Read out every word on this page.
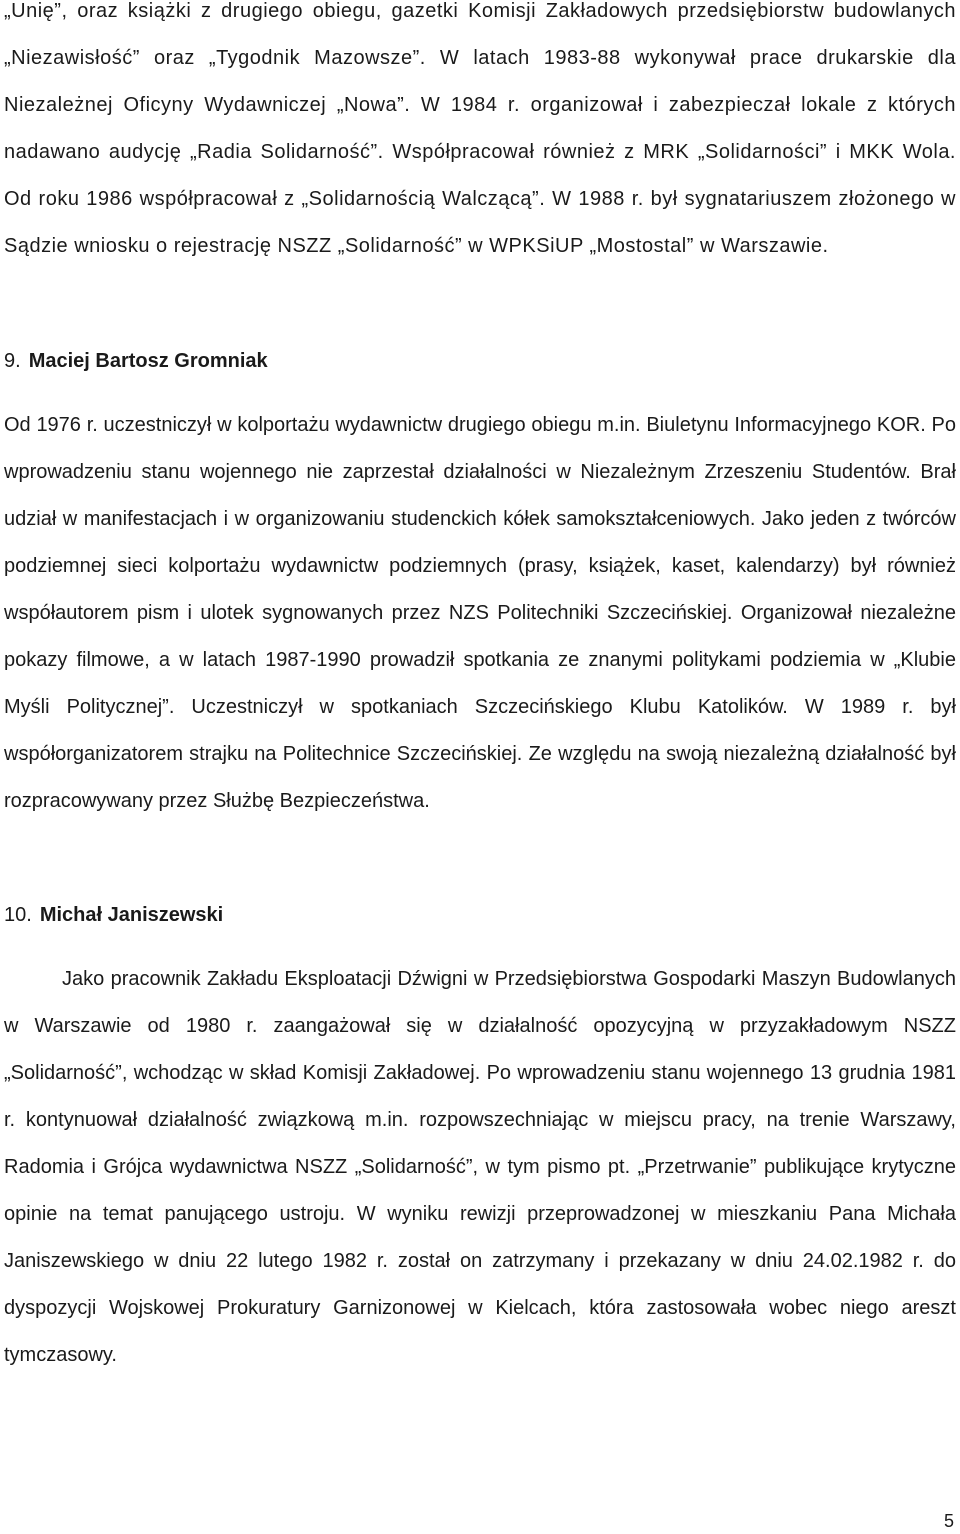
„Unię”, oraz książki z drugiego obiegu, gazetki Komisji Zakładowych przedsiębiorstw budowlanych „Niezawisłość” oraz „Tygodnik Mazowsze”. W latach 1983-88 wykonywał prace drukarskie dla Niezależnej Oficyny Wydawniczej „Nowa”. W 1984 r. organizował i zabezpieczał lokale z których nadawano audycję „Radia Solidarność”. Współpracował również z MRK „Solidarności” i MKK Wola. Od roku 1986 współpracował z „Solidarnością Walczącą”. W 1988 r. był sygnatariuszem złożonego w Sądzie wniosku o rejestrację NSZZ „Solidarność” w WPKSiUP „Mostostal” w Warszawie.

9. Maciej Bartosz Gromniak

Od 1976 r. uczestniczył w kolportażu wydawnictw drugiego obiegu m.in. Biuletynu Informacyjnego KOR. Po wprowadzeniu stanu wojennego nie zaprzestał działalności w Niezależnym Zrzeszeniu Studentów. Brał udział w manifestacjach i w organizowaniu studenckich kółek samokształceniowych. Jako jeden z twórców podziemnej sieci kolportażu wydawnictw podziemnych (prasy, książek, kaset, kalendarzy) był również współautorem pism i ulotek sygnowanych przez NZS Politechniki Szczecińskiej. Organizował niezależne pokazy filmowe, a w latach 1987-1990 prowadził spotkania ze znanymi politykami podziemia w „Klubie Myśli Politycznej”. Uczestniczył w spotkaniach Szczecińskiego Klubu Katolików. W 1989 r. był współorganizatorem strajku na Politechnice Szczecińskiej. Ze względu na swoją niezależną działalność był rozpracowywany przez Służbę Bezpieczeństwa.

10. Michał Janiszewski

Jako pracownik Zakładu Eksploatacji Dźwigni w Przedsiębiorstwa Gospodarki Maszyn Budowlanych w Warszawie od 1980 r. zaangażował się w działalność opozycyjną w przyzakładowym NSZZ „Solidarność”, wchodząc w skład Komisji Zakładowej. Po wprowadzeniu stanu wojennego 13 grudnia 1981 r. kontynuował działalność związkową m.in. rozpowszechniając w miejscu pracy, na trenie Warszawy, Radomia i Grójca wydawnictwa NSZZ „Solidarność”, w tym pismo pt. „Przetrwanie” publikujące krytyczne opinie na temat panującego ustroju. W wyniku rewizji przeprowadzonej w mieszkaniu Pana Michała Janiszewskiego w dniu 22 lutego 1982 r. został on zatrzymany i przekazany w dniu 24.02.1982 r. do dyspozycji Wojskowej Prokuratury Garnizonowej w Kielcach, która zastosowała wobec niego areszt tymczasowy.

5
